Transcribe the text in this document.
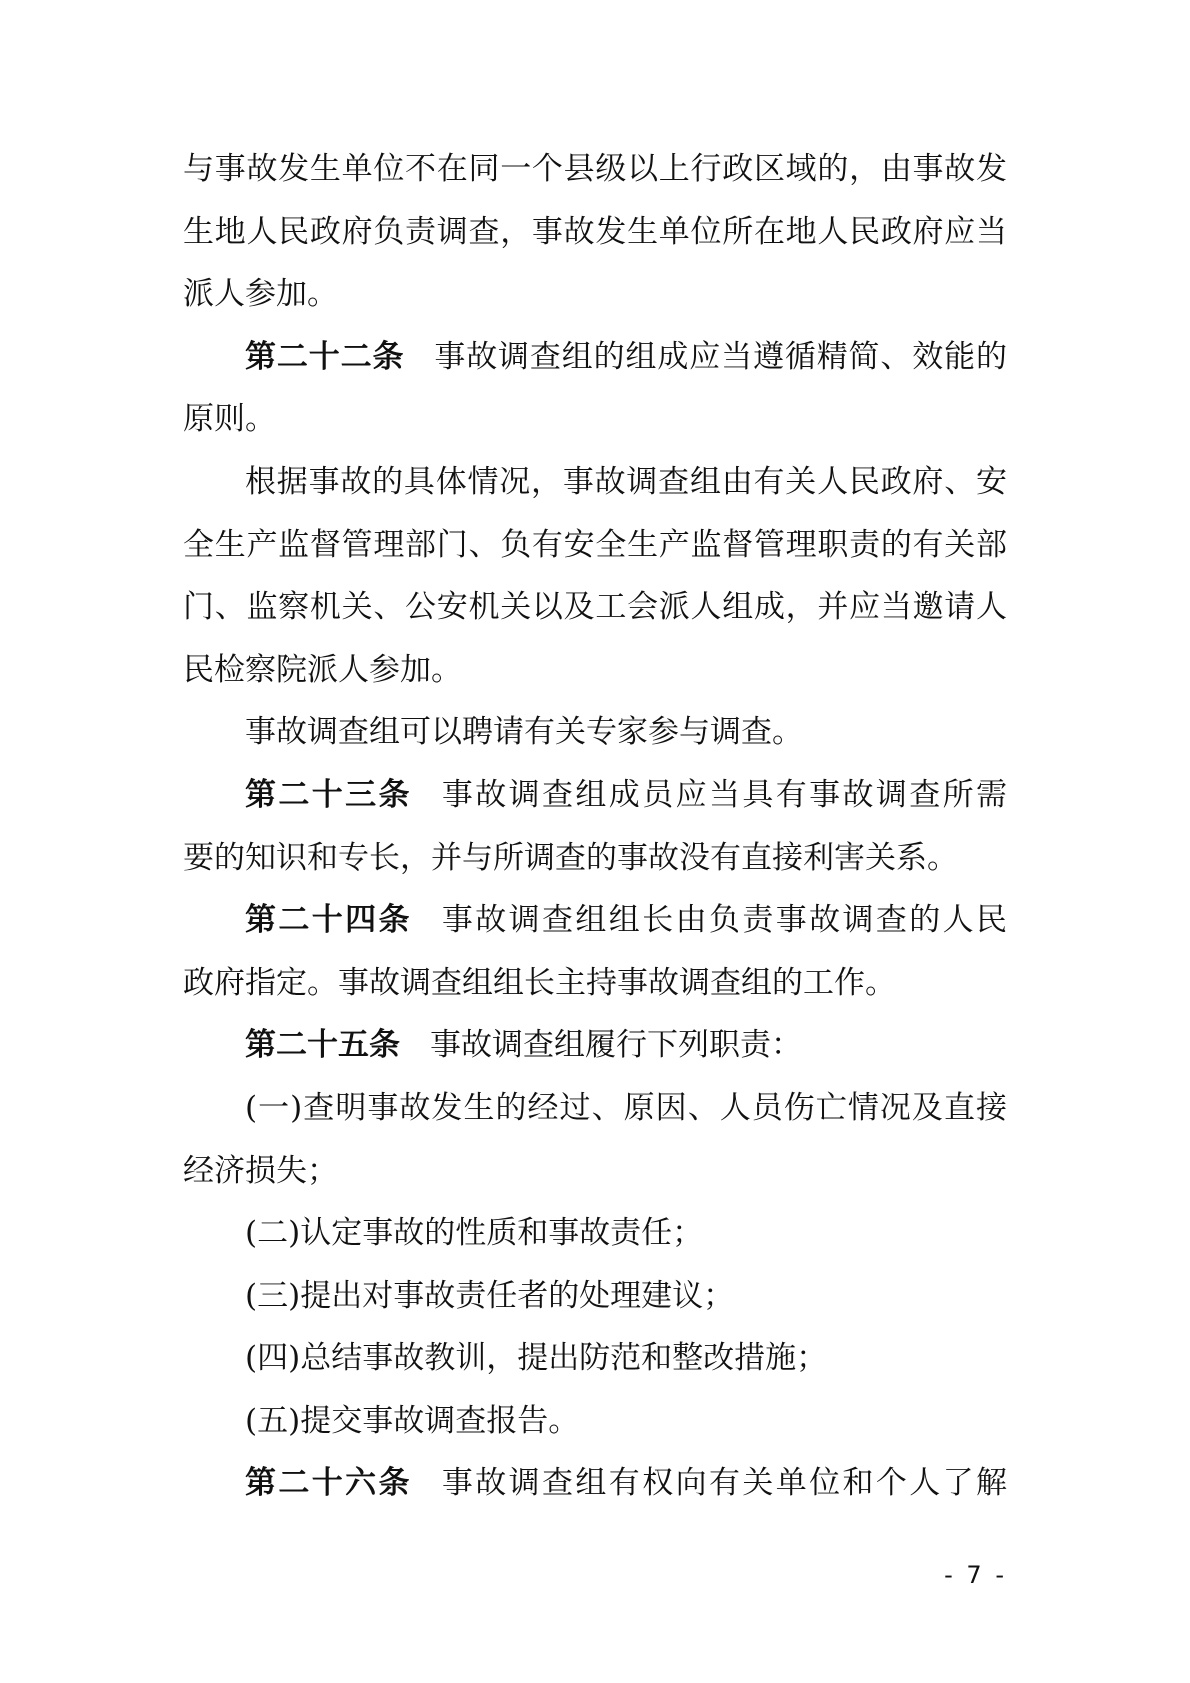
与事故发生单位不在同一个县级以上行政区域的，由事故发
生地人民政府负责调查，事故发生单位所在地人民政府应当
派人参加。
第二十二条 事故调查组的组成应当遵循精简、效能的
原则。
根据事故的具体情况，事故调查组由有关人民政府、安
全生产监督管理部门、负有安全生产监督管理职责的有关部
门、监察机关、公安机关以及工会派人组成，并应当邀请人
民检察院派人参加。
事故调查组可以聘请有关专家参与调查。
第二十三条 事故调查组成员应当具有事故调查所需
要的知识和专长，并与所调查的事故没有直接利害关系。
第二十四条 事故调查组组长由负责事故调查的人民
政府指定。事故调查组组长主持事故调查组的工作。
第二十五条 事故调查组履行下列职责：
(一)查明事故发生的经过、原因、人员伤亡情况及直接
经济损失；
(二)认定事故的性质和事故责任；
(三)提出对事故责任者的处理建议；
(四)总结事故教训，提出防范和整改措施；
(五)提交事故调查报告。
第二十六条 事故调查组有权向有关单位和个人了解
- 7 -
